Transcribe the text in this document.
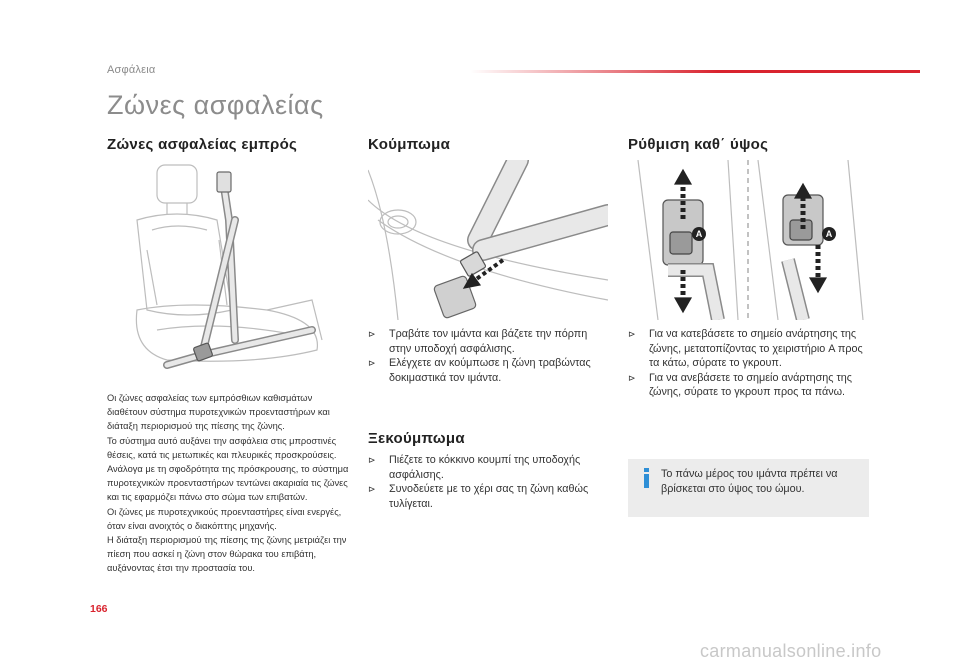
Ασφάλεια
Ζώνες ασφαλείας
Ζώνες ασφαλείας εμπρός	Κούμπωμα	Ρύθμιση καθ΄ ύψος
A	A

Οι ζώνες ασφαλείας των εμπρόσθιων καθισμάτων διαθέτουν σύστημα πυροτεχνικών προενταστήρων και διάταξη περιορισμού της πίεσης της ζώνης.

Το σύστημα αυτό αυξάνει την ασφάλεια στις μπροστινές θέσεις, κατά τις μετωπικές και πλευρικές προσκρούσεις. Ανάλογα με τη σφοδρότητα της πρόσκρουσης, το σύστημα πυροτεχνικών προενταστήρων τεντώνει ακαριαία τις ζώνες και τις εφαρμόζει πάνω στο σώμα των επιβατών.

Οι ζώνες με πυροτεχνικούς προενταστήρες είναι ενεργές, όταν είναι ανοιχτός ο διακόπτης μηχανής.

Η διάταξη περιορισμού της πίεσης της ζώνης μετριάζει την πίεση που ασκεί η ζώνη στον θώρακα του επιβάτη, αυξάνοντας έτσι την προστασία του.

⊳ Τραβάτε τον ιμάντα και βάζετε την πόρπη στην υποδοχή ασφάλισης.
⊳ Ελέγχετε αν κούμπωσε η ζώνη τραβώντας δοκιμαστικά τον ιμάντα.
Ξεκούμπωμα
⊳ Πιέζετε το κόκκινο κουμπί της υποδοχής ασφάλισης.
⊳ Συνοδεύετε με το χέρι σας τη ζώνη καθώς τυλίγεται.
⊳ Για να κατεβάσετε το σημείο ανάρτησης της ζώνης, μετατοπίζοντας το χειριστήριο A προς τα κάτω, σύρατε το γκρουπ.
⊳ Για να ανεβάσετε το σημείο ανάρτησης της ζώνης, σύρατε το γκρουπ προς τα πάνω.
Το πάνω μέρος του ιμάντα πρέπει να βρίσκεται στο ύψος του ώμου.
166
carmanualsonline.info
